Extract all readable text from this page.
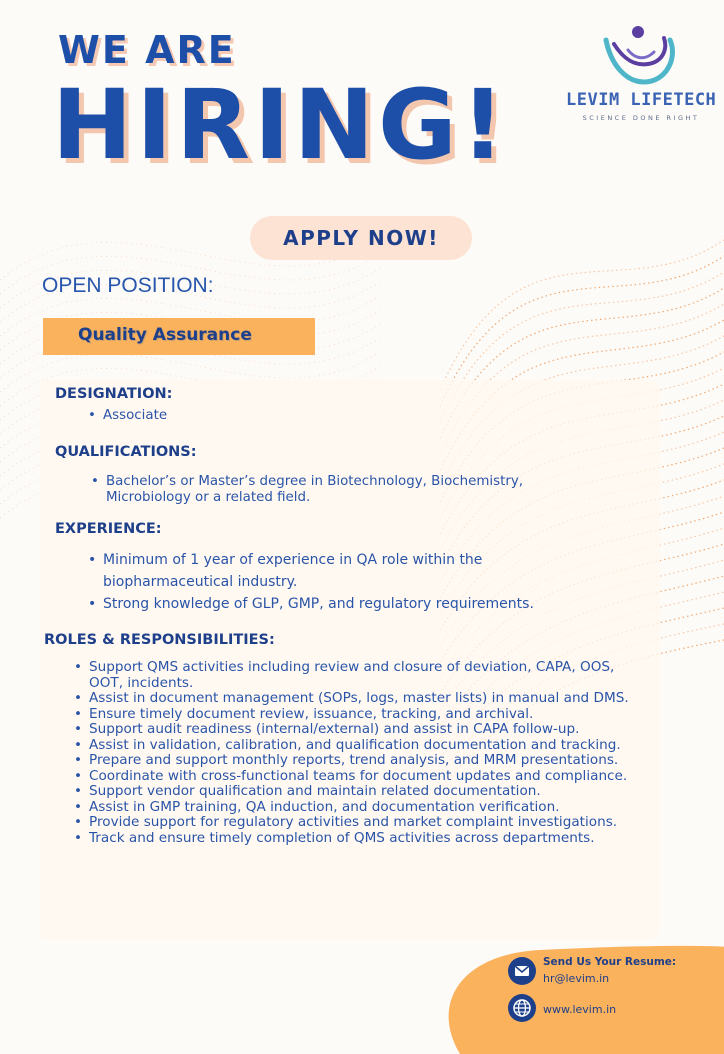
WE ARE
HIRING!	LEVIM LIFETECH
SCIENCE DONE RIGHT
APPLY NOW!
OPEN POSITION:
Quality Assurance
DESIGNATION:
• Associate
QUALIFICATIONS:
• Bachelor’s or Master’s degree in Biotechnology, Biochemistry, Microbiology or a related field.
EXPERIENCE:
• Minimum of 1 year of experience in QA role within the biopharmaceutical industry.
• Strong knowledge of GLP, GMP, and regulatory requirements.
ROLES & RESPONSIBILITIES:
• Support QMS activities including review and closure of deviation, CAPA, OOS, OOT, incidents.
• Assist in document management (SOPs, logs, master lists) in manual and DMS.
• Ensure timely document review, issuance, tracking, and archival.
• Support audit readiness (internal/external) and assist in CAPA follow-up.
• Assist in validation, calibration, and qualification documentation and tracking.
• Prepare and support monthly reports, trend analysis, and MRM presentations.
• Coordinate with cross-functional teams for document updates and compliance.
• Support vendor qualification and maintain related documentation.
• Assist in GMP training, QA induction, and documentation verification.
• Provide support for regulatory activities and market complaint investigations.
• Track and ensure timely completion of QMS activities across departments.
Send Us Your Resume:
hr@levim.in
www.levim.in
